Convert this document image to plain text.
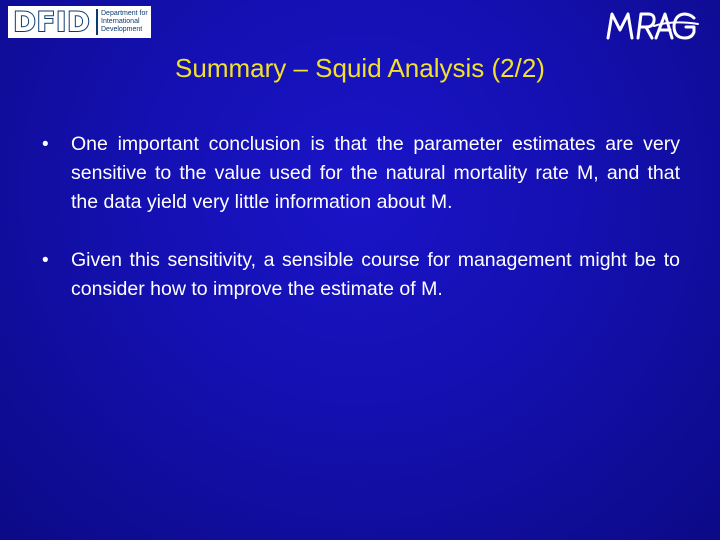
DFID Department for
International
Development
Summary – Squid Analysis (2/2)
• One important conclusion is that the parameter estimates are very sensitive to the value used for the natural mortality rate M, and that the data yield very little information about M.
• Given this sensitivity, a sensible course for management might be to consider how to improve the estimate of M.
